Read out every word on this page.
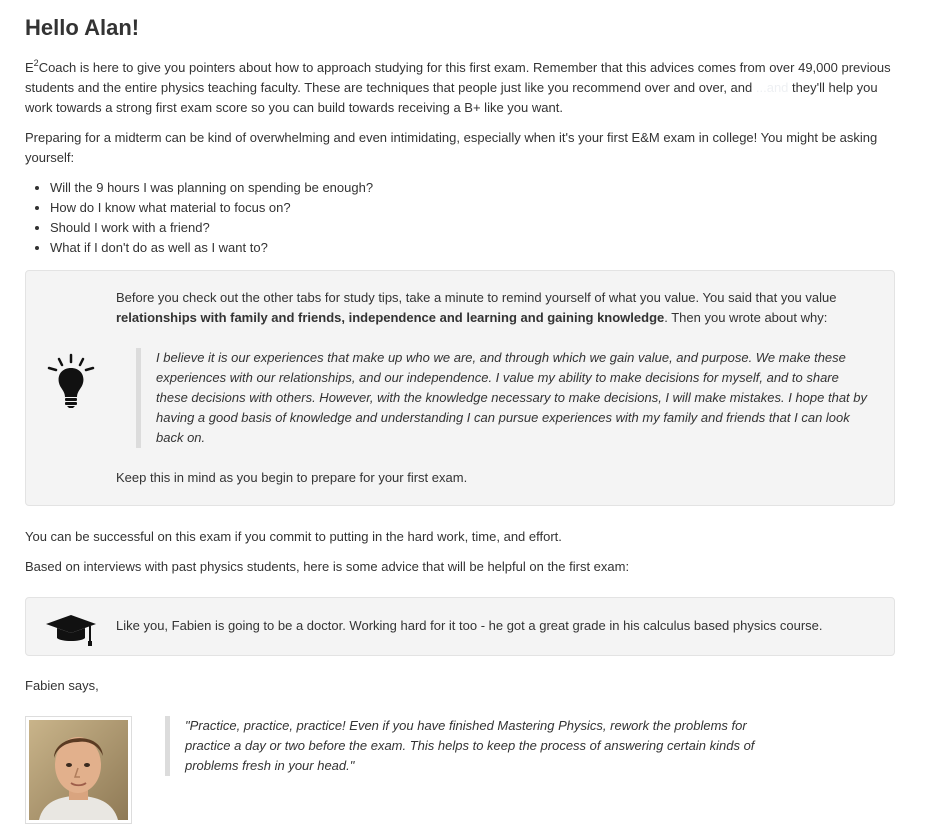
Hello Alan!

$E^2Coach$ is here to give you pointers about how to approach studying for this first exam. Remember that this advices comes from over 49,000 previous students and the entire physics teaching faculty. These are techniques that people just like you recommend over and over, and ...and they'll help you work towards a strong first exam score so you can build towards receiving a B+ like you want.

Preparing for a midterm can be kind of overwhelming and even intimidating, especially when it's your first E&M exam in college! You might be asking yourself:

• Will the 9 hours I was planning on spending be enough?
• How do I know what material to focus on?
• Should I work with a friend?
• What if I don't do as well as I want to?

Before you check out the other tabs for study tips, take a minute to remind yourself of what you value. You said that you value relationships with family and friends, independence and learning and gaining knowledge. Then you wrote about why:

I believe it is our experiences that make up who we are, and through which we gain value, and purpose. We make these experiences with our relationships, and our independence. I value my ability to make decisions for myself, and to share these decisions with others. However, with the knowledge necessary to make decisions, I will make mistakes. I hope that by having a good basis of knowledge and understanding I can pursue experiences with my family and friends that I can look back on.

Keep this in mind as you begin to prepare for your first exam.

You can be successful on this exam if you commit to putting in the hard work, time, and effort.

Based on interviews with past physics students, here is some advice that will be helpful on the first exam:

Like you, Fabien is going to be a doctor. Working hard for it too - he got a great grade in his calculus based physics course.

Fabien says,

"Practice, practice, practice! Even if you have finished Mastering Physics, rework the problems for practice a day or two before the exam. This helps to keep the process of answering certain kinds of problems fresh in your head."
